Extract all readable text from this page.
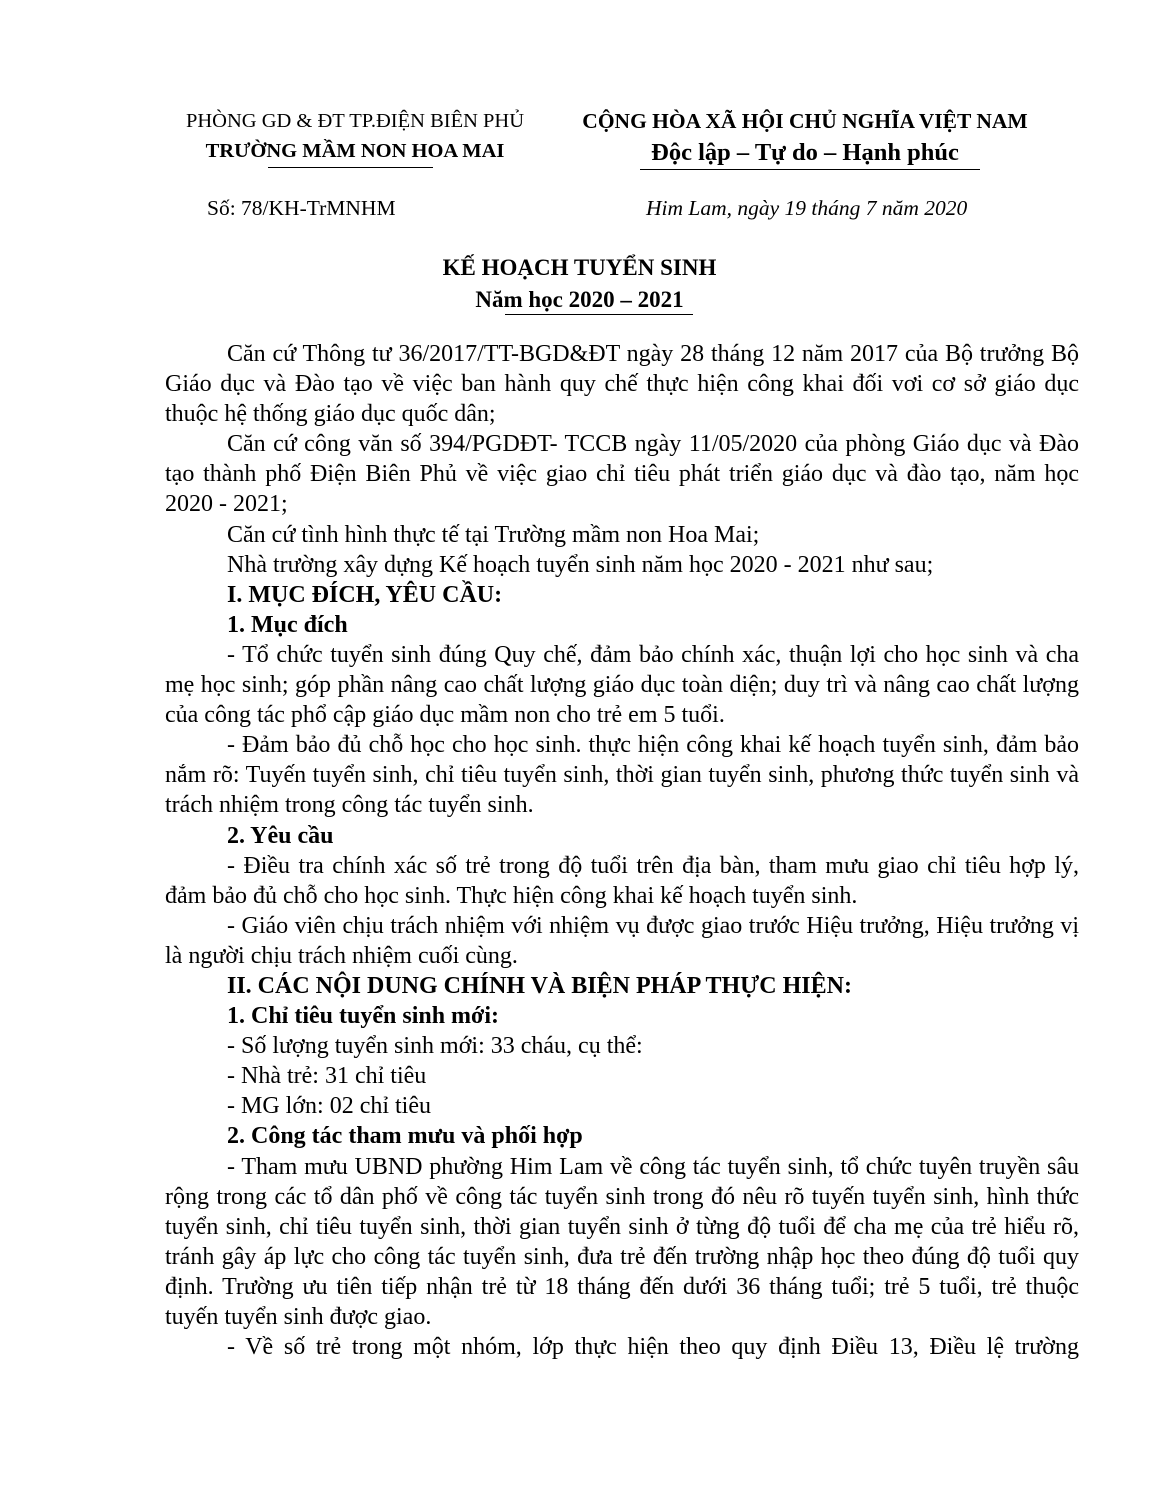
PHÒNG GD & ĐT TP.ĐIỆN BIÊN PHỦ
TRƯỜNG MẦM NON HOA MAI
CỘNG HÒA XÃ HỘI CHỦ NGHĨA VIỆT NAM
Độc lập – Tự do – Hạnh phúc
Số: 78/KH-TrMNHM	Him Lam, ngày 19 tháng 7 năm 2020
KẾ HOẠCH TUYỂN SINH
Năm học 2020 – 2021

Căn cứ Thông tư 36/2017/TT-BGD&ĐT ngày 28 tháng 12 năm 2017 của Bộ trưởng Bộ Giáo dục và Đào tạo về việc ban hành quy chế thực hiện công khai đối vơi cơ sở giáo dục thuộc hệ thống giáo dục quốc dân;

Căn cứ công văn số 394/PGDĐT- TCCB ngày 11/05/2020 của phòng Giáo dục và Đào tạo thành phố Điện Biên Phủ về việc giao chỉ tiêu phát triển giáo dục và đào tạo, năm học 2020 - 2021;

Căn cứ tình hình thực tế tại Trường mầm non Hoa Mai;

Nhà trường xây dựng Kế hoạch tuyển sinh năm học 2020 - 2021 như sau;

I. MỤC ĐÍCH, YÊU CẦU:

1. Mục đích

- Tổ chức tuyển sinh đúng Quy chế, đảm bảo chính xác, thuận lợi cho học sinh và cha mẹ học sinh; góp phần nâng cao chất lượng giáo dục toàn diện; duy trì và nâng cao chất lượng của công tác phổ cập giáo dục mầm non cho trẻ em 5 tuổi.

- Đảm bảo đủ chỗ học cho học sinh. thực hiện công khai kế hoạch tuyển sinh, đảm bảo nắm rõ: Tuyến tuyển sinh, chỉ tiêu tuyển sinh, thời gian tuyển sinh, phương thức tuyển sinh và trách nhiệm trong công tác tuyển sinh.

2. Yêu cầu

- Điều tra chính xác số trẻ trong độ tuổi trên địa bàn, tham mưu giao chỉ tiêu hợp lý, đảm bảo đủ chỗ cho học sinh. Thực hiện công khai kế hoạch tuyển sinh.

- Giáo viên chịu trách nhiệm với nhiệm vụ được giao trước Hiệu trưởng, Hiệu trưởng vị là người chịu trách nhiệm cuối cùng.

II. CÁC NỘI DUNG CHÍNH VÀ BIỆN PHÁP THỰC HIỆN:

1. Chỉ tiêu tuyển sinh mới:

- Số lượng tuyển sinh mới: 33 cháu, cụ thể:

- Nhà trẻ: 31 chỉ tiêu

- MG lớn: 02 chỉ tiêu

2. Công tác tham mưu và phối hợp

- Tham mưu UBND phường Him Lam về công tác tuyển sinh, tổ chức tuyên truyền sâu rộng trong các tổ dân phố về công tác tuyển sinh trong đó nêu rõ tuyến tuyển sinh, hình thức tuyển sinh, chỉ tiêu tuyển sinh, thời gian tuyển sinh ở từng độ tuổi để cha mẹ của trẻ hiểu rõ, tránh gây áp lực cho công tác tuyển sinh, đưa trẻ đến trường nhập học theo đúng độ tuổi quy định. Trường ưu tiên tiếp nhận trẻ từ 18 tháng đến dưới 36 tháng tuổi; trẻ 5 tuổi, trẻ thuộc tuyến tuyển sinh được giao.

- Về số trẻ trong một nhóm, lớp thực hiện theo quy định Điều 13, Điều lệ trường
